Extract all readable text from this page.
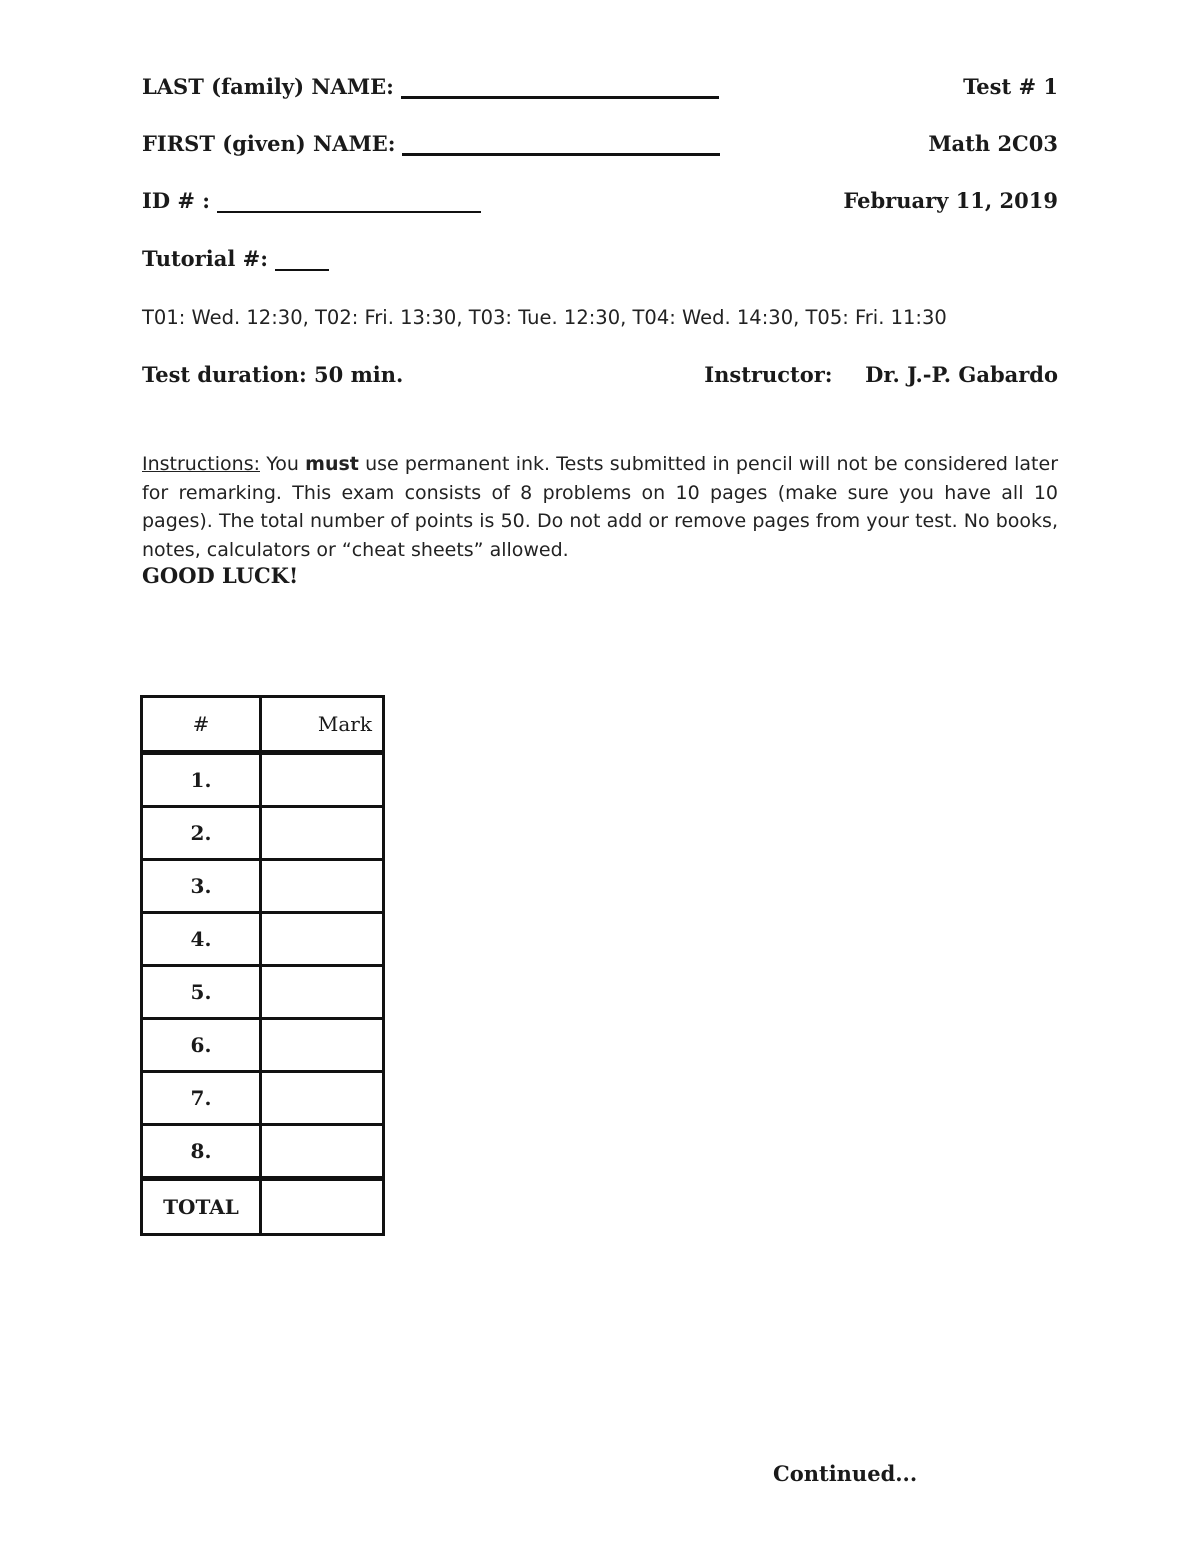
LAST (family) NAME:	Test # 1
FIRST (given) NAME:	Math 2C03
ID # :	February 11, 2019
Tutorial #:
T01: Wed. 12:30, T02: Fri. 13:30, T03: Tue. 12:30, T04: Wed. 14:30, T05: Fri. 11:30
Test duration: 50 min.	Instructor: Dr. J.-P. Gabardo
Instructions: You must use permanent ink. Tests submitted in pencil will not be considered later for remarking. This exam consists of 8 problems on 10 pages (make sure you have all 10 pages). The total number of points is 50. Do not add or remove pages from your test. No books, notes, calculators or “cheat sheets” allowed.
GOOD LUCK!
#	Mark
1.	
2.	
3.	
4.	
5.	
6.	
7.	
8.	
TOTAL	
Continued...
